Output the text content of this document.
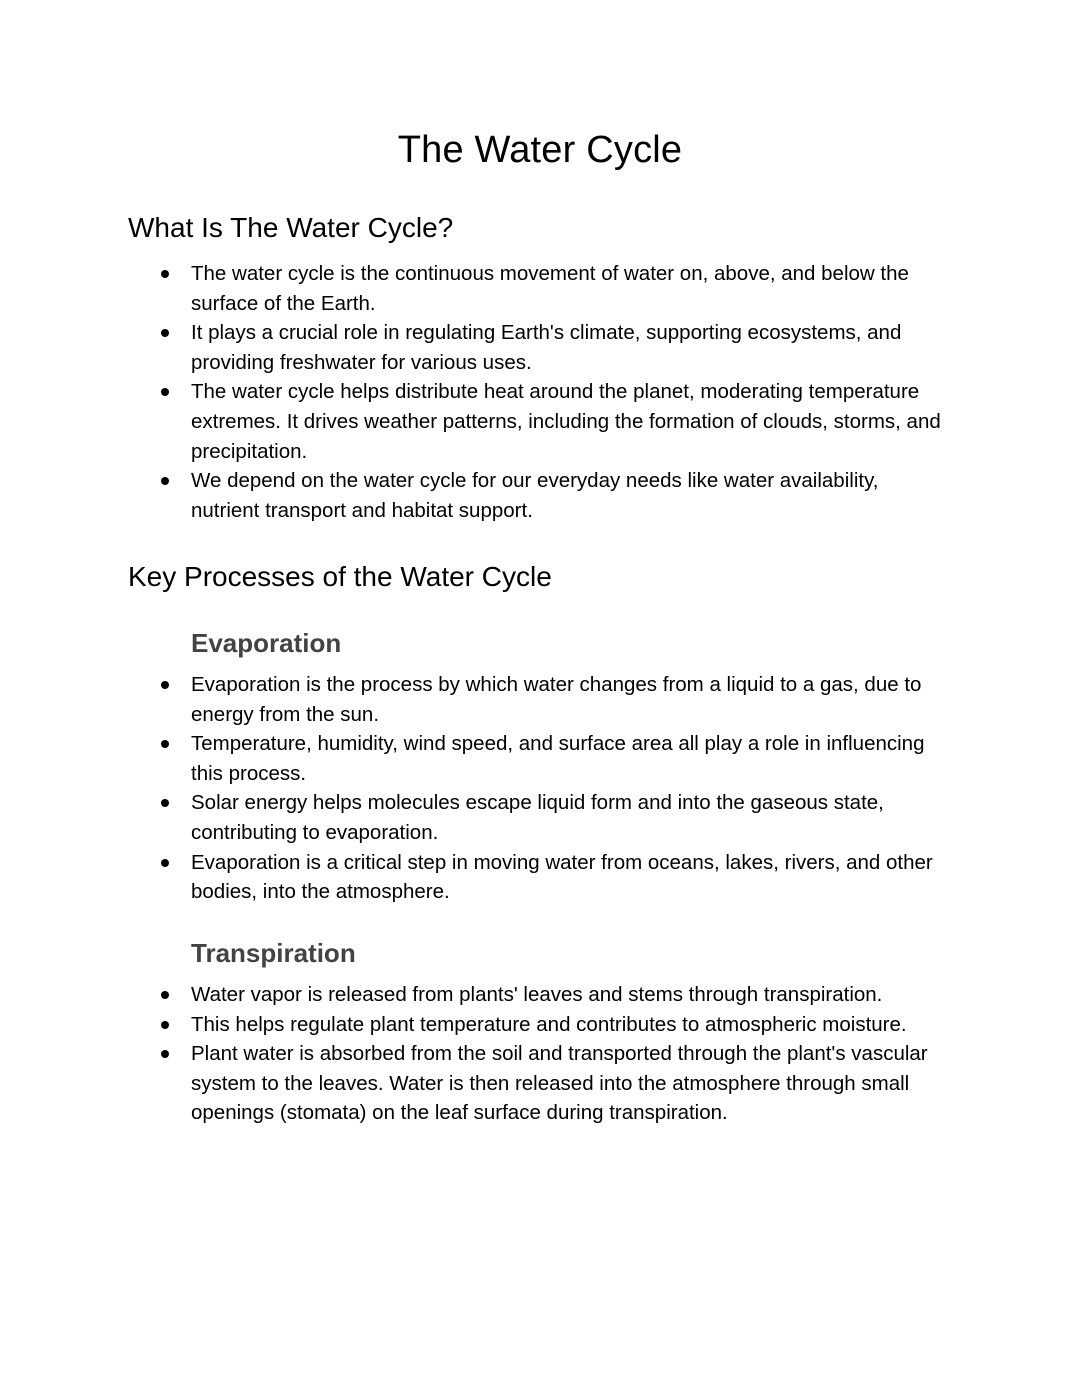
The Water Cycle
What Is The Water Cycle?
The water cycle is the continuous movement of water on, above, and below the surface of the Earth.
It plays a crucial role in regulating Earth's climate, supporting ecosystems, and providing freshwater for various uses.
The water cycle helps distribute heat around the planet, moderating temperature extremes. It drives weather patterns, including the formation of clouds, storms, and precipitation.
We depend on the water cycle for our everyday needs like water availability, nutrient transport and habitat support.
Key Processes of the Water Cycle
Evaporation
Evaporation is the process by which water changes from a liquid to a gas, due to energy from the sun.
Temperature, humidity, wind speed, and surface area all play a role in influencing this process.
Solar energy helps molecules escape liquid form and into the gaseous state, contributing to evaporation.
Evaporation is a critical step in moving water from oceans, lakes, rivers, and other bodies, into the atmosphere.
Transpiration
Water vapor is released from plants' leaves and stems through transpiration.
This helps regulate plant temperature and contributes to atmospheric moisture.
Plant water is absorbed from the soil and transported through the plant's vascular system to the leaves. Water is then released into the atmosphere through small openings (stomata) on the leaf surface during transpiration.
